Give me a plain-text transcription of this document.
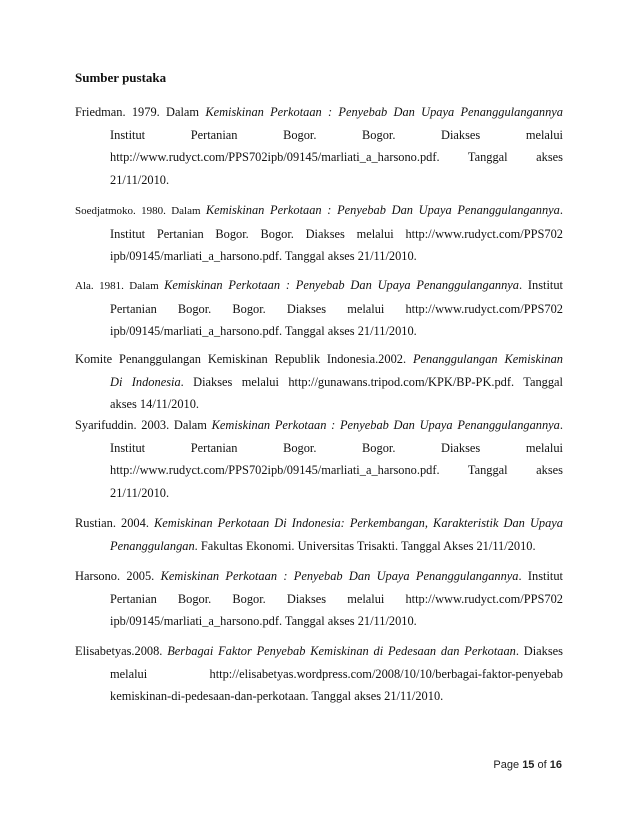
Sumber pustaka
Friedman. 1979. Dalam Kemiskinan Perkotaan : Penyebab Dan Upaya Penanggulangannya
Institut Pertanian Bogor. Bogor. Diakses melalui
http://www.rudyct.com/PPS702ipb/09145/marliati_a_harsono.pdf. Tanggal akses
21/11/2010.
Soedjatmoko. 1980. Dalam Kemiskinan Perkotaan : Penyebab Dan Upaya Penanggulangannya.
Institut Pertanian Bogor. Bogor. Diakses melalui http://www.rudyct.com/PPS702
ipb/09145/marliati_a_harsono.pdf. Tanggal akses 21/11/2010.
Ala. 1981. Dalam Kemiskinan Perkotaan : Penyebab Dan Upaya Penanggulangannya. Institut
Pertanian Bogor. Bogor. Diakses melalui http://www.rudyct.com/PPS702
ipb/09145/marliati_a_harsono.pdf. Tanggal akses 21/11/2010.
Komite Penanggulangan Kemiskinan Republik Indonesia.2002. Penanggulangan Kemiskinan
Di Indonesia. Diakses melalui http://gunawans.tripod.com/KPK/BP-PK.pdf. Tanggal
akses 14/11/2010.
Syarifuddin. 2003. Dalam Kemiskinan Perkotaan : Penyebab Dan Upaya Penanggulangannya.
Institut Pertanian Bogor. Bogor. Diakses melalui
http://www.rudyct.com/PPS702ipb/09145/marliati_a_harsono.pdf. Tanggal akses
21/11/2010.
Rustian. 2004. Kemiskinan Perkotaan Di Indonesia: Perkembangan, Karakteristik Dan Upaya
Penanggulangan. Fakultas Ekonomi. Universitas Trisakti. Tanggal Akses 21/11/2010.
Harsono. 2005. Kemiskinan Perkotaan : Penyebab Dan Upaya Penanggulangannya. Institut
Pertanian Bogor. Bogor. Diakses melalui http://www.rudyct.com/PPS702
ipb/09145/marliati_a_harsono.pdf. Tanggal akses 21/11/2010.
Elisabetyas.2008. Berbagai Faktor Penyebab Kemiskinan di Pedesaan dan Perkotaan. Diakses
melalui http://elisabetyas.wordpress.com/2008/10/10/berbagai-faktor-penyebab
kemiskinan-di-pedesaan-dan-perkotaan. Tanggal akses 21/11/2010.
Page 15 of 16
